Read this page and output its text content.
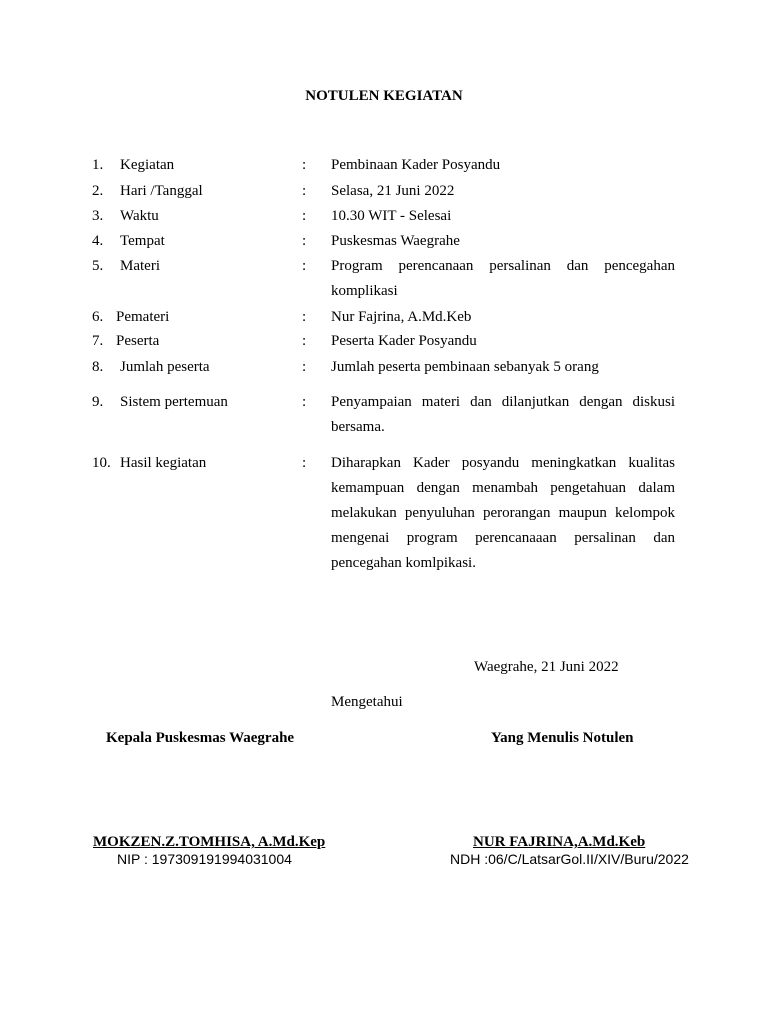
NOTULEN KEGIATAN
1. Kegiatan	: Pembinaan Kader Posyandu
2. Hari /Tanggal	: Selasa, 21 Juni 2022
3. Waktu	: 10.30 WIT - Selesai
4. Tempat	: Puskesmas Waegrahe
5. Materi	: Program perencanaan persalinan dan pencegahan komplikasi
6. Pemateri	: Nur Fajrina, A.Md.Keb
7. Peserta	: Peserta Kader Posyandu
8. Jumlah peserta	: Jumlah peserta pembinaan sebanyak 5 orang
9. Sistem pertemuan	: Penyampaian materi dan dilanjutkan dengan diskusi bersama.
10. Hasil kegiatan	: Diharapkan Kader posyandu meningkatkan kualitas kemampuan dengan menambah pengetahuan dalam melakukan penyuluhan perorangan maupun kelompok mengenai program perencanaaan persalinan dan pencegahan komlpikasi.
Waegrahe, 21 Juni 2022
Mengetahui
Kepala Puskesmas Waegrahe	Yang Menulis Notulen
MOKZEN.Z.TOMHISA, A.Md.Kep
NIP : 197309191994031004
NUR FAJRINA,A.Md.Keb
NDH :06/C/LatsarGol.II/XIV/Buru/2022
